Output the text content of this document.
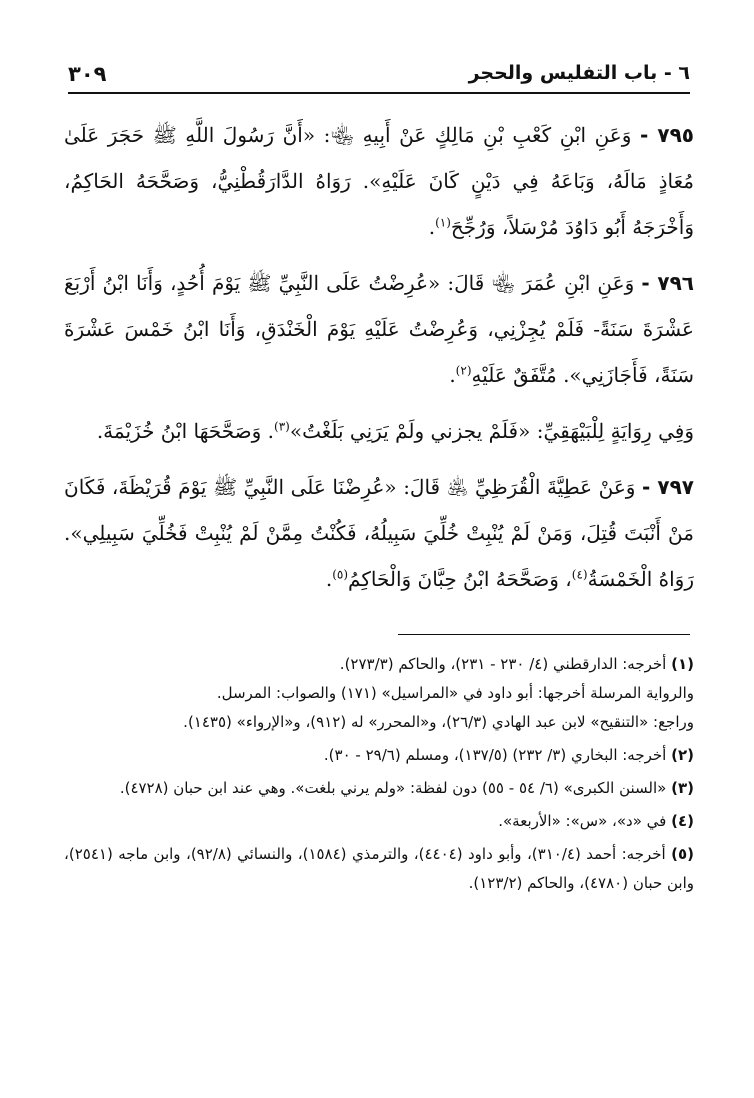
٦ - باب التفليس والحجر
٣٠٩

٧٩٥ - وَعَنِ ابْنِ كَعْبِ بْنِ مَالِكٍ عَنْ أَبِيهِ ﵄: «أَنَّ رَسُولَ اللَّهِ ﷺ حَجَرَ عَلَىٰ مُعَاذٍ مَالَهُ، وَبَاعَهُ فِي دَيْنٍ كَانَ عَلَيْهِ». رَوَاهُ الدَّارَقُطْنِيُّ، وَصَحَّحَهُ الحَاكِمُ، وَأَخْرَجَهُ أَبُو دَاوُدَ مُرْسَلاً، وَرُجِّحَ$^{(١)}$.

٧٩٦ - وَعَنِ ابْنِ عُمَرَ ﵄ قَالَ: «عُرِضْتُ عَلَى النَّبِيِّ ﷺ يَوْمَ أُحُدٍ، وَأَنَا ابْنُ أَرْبَعَ عَشْرَةَ سَنَةً- فَلَمْ يُجِزْنِي، وَعُرِضْتُ عَلَيْهِ يَوْمَ الْخَنْدَقِ، وَأَنَا ابْنُ خَمْسَ عَشْرَةَ سَنَةً، فَأَجَازَنِي». مُتَّفَقٌ عَلَيْهِ$^{(٢)}$.

وَفِي رِوَايَةٍ لِلْبَيْهَقِيِّ: «فَلَمْ يجزني ولَمْ يَرَنِي بَلَغْتُ»$^{(٣)}$. وَصَحَّحَهَا ابْنُ خُزَيْمَةَ.

٧٩٧ - وَعَنْ عَطِيَّةَ الْقُرَظِيِّ ﵁ قَالَ: «عُرِضْنَا عَلَى النَّبِيِّ ﷺ يَوْمَ قُرَيْظَةَ، فَكَانَ مَنْ أَنْبَتَ قُتِلَ، وَمَنْ لَمْ يُنْبِتْ خُلِّيَ سَبِيلُهُ، فَكُنْتُ مِمَّنْ لَمْ يُنْبِتْ فَخُلِّيَ سَبِيلِي». رَوَاهُ الْخَمْسَةُ$^{(٤)}$، وَصَحَّحَهُ ابْنُ حِبَّانَ وَالْحَاكِمُ$^{(٥)}$.

(١) أخرجه: الدارقطني (٤/ ٢٣٠ - ٢٣١)، والحاكم (٢٧٣/٣).
والرواية المرسلة أخرجها: أبو داود في «المراسيل» (١٧١) والصواب: المرسل.
وراجع: «التنقيح» لابن عبد الهادي (٢٦/٣)، و«المحرر» له (٩١٢)، و«الإرواء» (١٤٣٥).

(٢) أخرجه: البخاري (٣/ ٢٣٢) (١٣٧/٥)، ومسلم (٢٩/٦ - ٣٠).

(٣) «السنن الكبرى» (٦/ ٥٤ - ٥٥) دون لفظة: «ولم يرني بلغت». وهي عند ابن حبان (٤٧٢٨).

(٤) في «د»، «س»: «الأربعة».

(٥) أخرجه: أحمد (٣١٠/٤)، وأبو داود (٤٤٠٤)، والترمذي (١٥٨٤)، والنسائي (٩٢/٨)، وابن ماجه (٢٥٤١)، وابن حبان (٤٧٨٠)، والحاكم (١٢٣/٢).
